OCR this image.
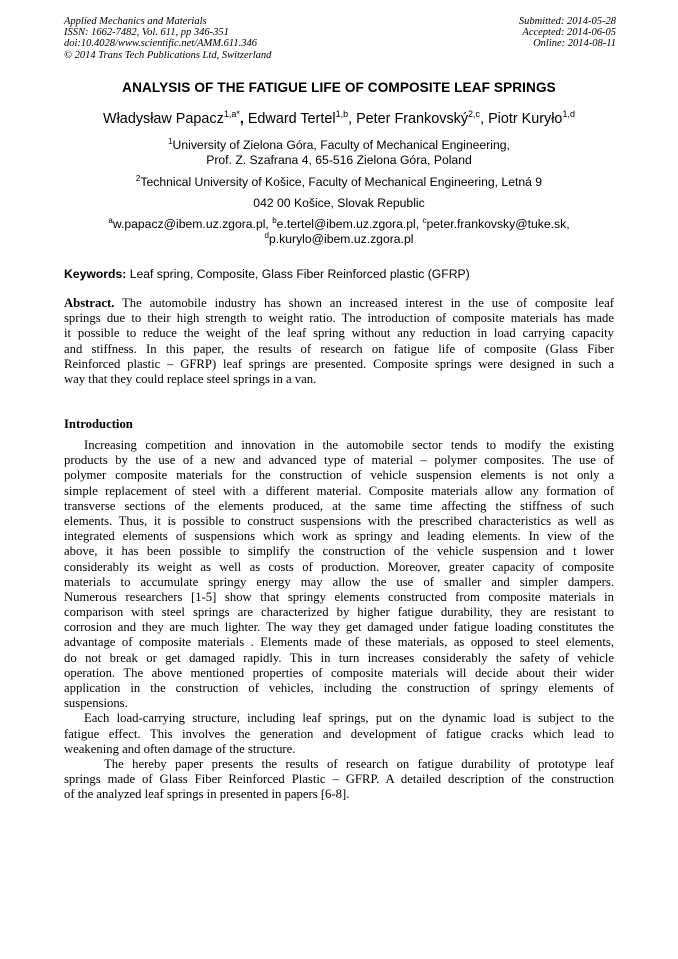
Applied Mechanics and Materials
ISSN: 1662-7482, Vol. 611, pp 346-351
doi:10.4028/www.scientific.net/AMM.611.346
© 2014 Trans Tech Publications Ltd, Switzerland
Submitted: 2014-05-28
Accepted: 2014-06-05
Online: 2014-08-11
ANALYSIS OF THE FATIGUE LIFE OF COMPOSITE LEAF SPRINGS
Władysław Papacz$^{1,a*}$, Edward Tertel$^{1,b}$, Peter Frankovský$^{2,c}$, Piotr Kuryło$^{1,d}$
$^1$University of Zielona Góra, Faculty of Mechanical Engineering,
Prof. Z. Szafrana 4, 65-516 Zielona Góra, Poland
$^2$Technical University of Košice, Faculty of Mechanical Engineering, Letná 9
042 00 Košice, Slovak Republic
$^a$w.papacz@ibem.uz.zgora.pl, $^b$e.tertel@ibem.uz.zgora.pl, $^c$peter.frankovsky@tuke.sk,
$^d$p.kurylo@ibem.uz.zgora.pl
Keywords: Leaf spring, Composite, Glass Fiber Reinforced plastic (GFRP)
Abstract. The automobile industry has shown an increased interest in the use of composite leaf
springs due to their high strength to weight ratio. The introduction of composite materials has made
it possible to reduce the weight of the leaf spring without any reduction in load carrying capacity
and stiffness. In this paper, the results of research on fatigue life of composite (Glass Fiber
Reinforced plastic – GFRP) leaf springs are presented. Composite springs were designed in such a
way that they could replace steel springs in a van.
Introduction
Increasing competition and innovation in the automobile sector tends to modify the existing
products by the use of a new and advanced type of material – polymer composites. The use of
polymer composite materials for the construction of vehicle suspension elements is not only a
simple replacement of steel with a different material. Composite materials allow any formation of
transverse sections of the elements produced, at the same time affecting the stiffness of such
elements. Thus, it is possible to construct suspensions with the prescribed characteristics as well as
integrated elements of suspensions which work as springy and leading elements. In view of the
above, it has been possible to simplify the construction of the vehicle suspension and t lower
considerably its weight as well as costs of production. Moreover, greater capacity of composite
materials to accumulate springy energy may allow the use of smaller and simpler dampers.
Numerous researchers [1-5] show that springy elements constructed from composite materials in
comparison with steel springs are characterized by higher fatigue durability, they are resistant to
corrosion and they are much lighter. The way they get damaged under fatigue loading constitutes the
advantage of composite materials . Elements made of these materials, as opposed to steel elements,
do not break or get damaged rapidly. This in turn increases considerably the safety of vehicle
operation. The above mentioned properties of composite materials will decide about their wider
application in the construction of vehicles, including the construction of springy elements of
suspensions.
Each load-carrying structure, including leaf springs, put on the dynamic load is subject to the
fatigue effect. This involves the generation and development of fatigue cracks which lead to
weakening and often damage of the structure.
The hereby paper presents the results of research on fatigue durability of prototype leaf
springs made of Glass Fiber Reinforced Plastic – GFRP. A detailed description of the construction
of the analyzed leaf springs in presented in papers [6-8].
